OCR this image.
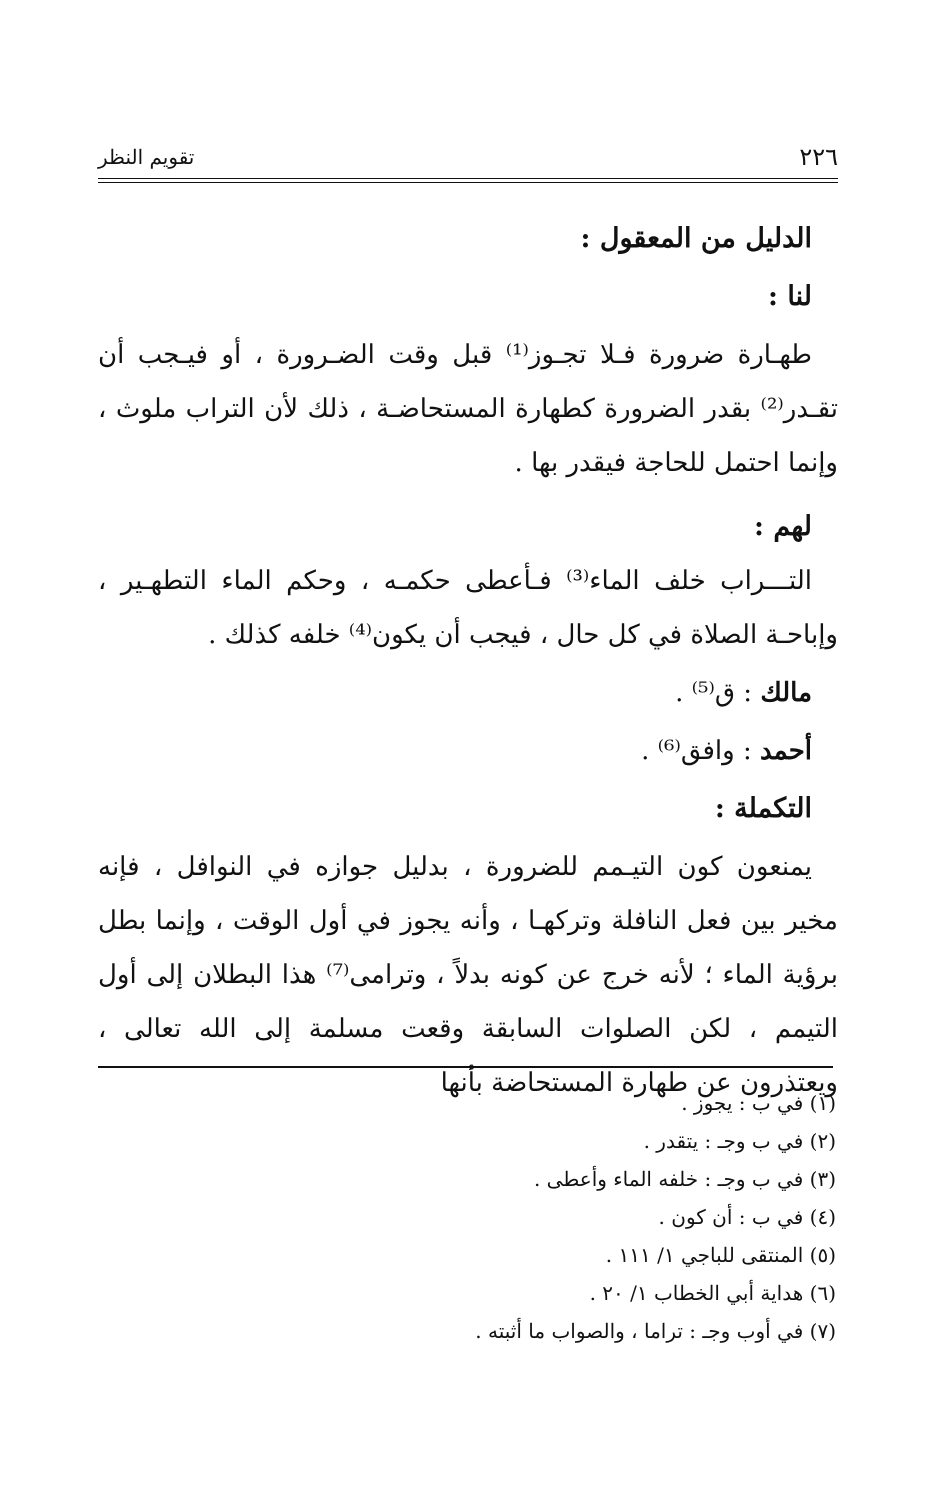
٢٢٦
تقويم النظر

الدليل من المعقول :

لنا :

طهـارة ضرورة فـلا تجـوز⁽¹⁾ قبل وقت الضـرورة ، أو فيـجب أن تقـدر⁽²⁾ بقدر الضرورة كطهارة المستحاضـة ، ذلك لأن التراب ملوث ، وإنما احتمل للحاجة فيقدر بها .

لهم :

التـــراب خلف الماء⁽³⁾ فـأعطى حكمـه ، وحكم الماء التطهـير ، وإباحـة الصلاة في كل حال ، فيجب أن يكون⁽⁴⁾ خلفه كذلك .

مالك : ق⁽⁵⁾ .

أحمد : وافق⁽⁶⁾ .

التكملة :

يمنعون كون التيـمم للضرورة ، بدليل جوازه في النوافل ، فإنه مخير بين فعل النافلة وتركهـا ، وأنه يجوز في أول الوقت ، وإنما بطل برؤية الماء ؛ لأنه خرج عن كونه بدلاً ، وترامى⁽⁷⁾ هذا البطلان إلى أول التيمم ، لكن الصلوات السابقة وقعت مسلمة إلى الله تعالى ، ويعتذرون عن طهارة المستحاضة بأنها

(١) في ب : يجوز .

(٢) في ب وجـ : يتقدر .

(٣) في ب وجـ : خلفه الماء وأعطى .

(٤) في ب : أن كون .

(٥) المنتقى للباجي ١/ ١١١ .

(٦) هداية أبي الخطاب ١/ ٢٠ .

(٧) في أوب وجـ : تراما ، والصواب ما أثبته .
